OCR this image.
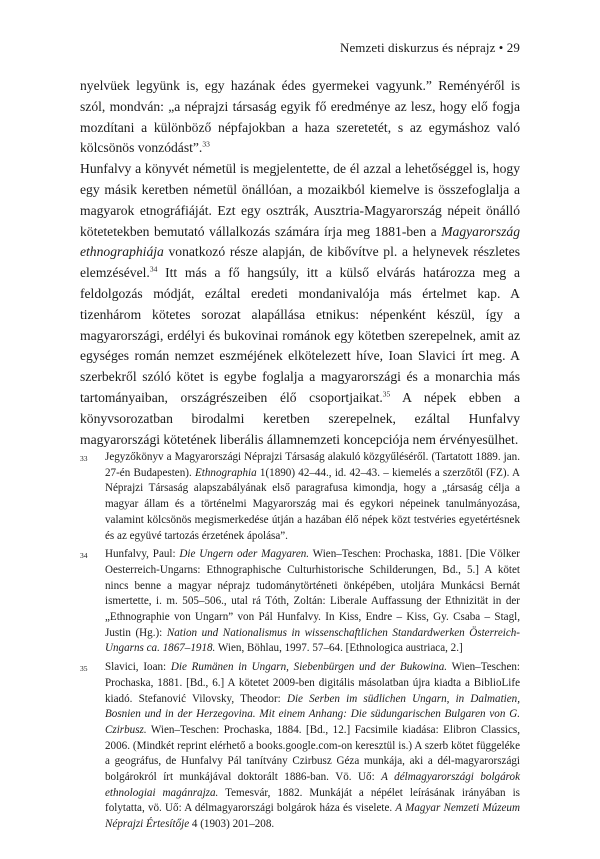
Nemzeti diskurzus és néprajz • 29

nyelvüek legyünk is, egy hazának édes gyermekei vagyunk.” Reményéről is szól, mondván: „a néprajzi társaság egyik fő eredménye az lesz, hogy elő fogja mozdítani a különböző népfajokban a haza szeretetét, s az egymáshoz való kölcsönös vonzódást”.$^{33}$

Hunfalvy a könyvét németül is megjelentette, de él azzal a lehetőséggel is, hogy egy másik keretben németül önállóan, a mozaikból kiemelve is összefoglalja a magyarok etnográfiáját. Ezt egy osztrák, Ausztria-Magyarország népeit önálló kötetetekben bemutató vállalkozás számára írja meg 1881-ben a Magyarország ethnographiája vonatkozó része alapján, de kibővítve pl. a helynevek részletes elemzésével.$^{34}$ Itt más a fő hangsúly, itt a külső elvárás határozza meg a feldolgozás módját, ezáltal eredeti mondanivalója más értelmet kap. A tizenhárom kötetes sorozat alapállása etnikus: népenként készül, így a magyarországi, erdélyi és bukovinai románok egy kötetben szerepelnek, amit az egységes román nemzet eszméjének elkötelezett híve, Ioan Slavici írt meg. A szerbekről szóló kötet is egybe foglalja a magyarországi és a monarchia más tartományaiban, országrészeiben élő csoportjaikat.$^{35}$ A népek ebben a könyvsorozatban birodalmi keretben szerepelnek, ezáltal Hunfalvy magyarországi kötetének liberális államnemzeti koncepciója nem érvényesülhet.

33 Jegyzőkönyv a Magyarországi Néprajzi Társaság alakuló közgyűléséről. (Tartatott 1889. jan. 27-én Budapesten). Ethnographia 1(1890) 42–44., id. 42–43. – kiemelés a szerzőtől (FZ). A Néprajzi Társaság alapszabályának első paragrafusa kimondja, hogy a „társaság célja a magyar állam és a történelmi Magyarország mai és egykori népeinek tanulmányozása, valamint kölcsönös megismerkedése útján a hazában élő népek közt testvéries egyetértésnek és az együvé tartozás érzetének ápolása”.
34 Hunfalvy, Paul: Die Ungern oder Magyaren. Wien–Teschen: Prochaska, 1881. [Die Völker Oesterreich-Ungarns: Ethnographische Culturhistorische Schilderungen, Bd., 5.] A kötet nincs benne a magyar néprajz tudománytörténeti önképében, utoljára Munkácsi Bernát ismertette, i. m. 505–506., utal rá Tóth, Zoltán: Liberale Auffassung der Ethnizität in der „Ethnographie von Ungarn” von Pál Hunfalvy. In Kiss, Endre – Kiss, Gy. Csaba – Stagl, Justin (Hg.): Nation und Nationalismus in wissenschaftlichen Standardwerken Österreich-Ungarns ca. 1867–1918. Wien, Böhlau, 1997. 57–64. [Ethnologica austriaca, 2.]
35 Slavici, Ioan: Die Rumänen in Ungarn, Siebenbürgen und der Bukowina. Wien–Teschen: Prochaska, 1881. [Bd., 6.] A kötetet 2009-ben digitális másolatban újra kiadta a BiblioLife kiadó. Stefanović Vilovsky, Theodor: Die Serben im südlichen Ungarn, in Dalmatien, Bosnien und in der Herzegovina. Mit einem Anhang: Die südungarischen Bulgaren von G. Czirbusz. Wien–Teschen: Prochaska, 1884. [Bd., 12.] Facsimile kiadása: Elibron Classics, 2006. (Mindkét reprint elérhető a books.google.com-on keresztül is.) A szerb kötet függeléke a geográfus, de Hunfalvy Pál tanítvány Czirbusz Géza munkája, aki a dél-magyarországi bolgárokról írt munkájával doktorált 1886-ban. Vö. Uő: A délmagyarországi bolgárok ethnologiai magánrajza. Temesvár, 1882. Munkáját a népélet leírásának irányában is folytatta, vö. Uő: A délmagyarországi bolgárok háza és viselete. A Magyar Nemzeti Múzeum Néprajzi Értesítője 4 (1903) 201–208.
